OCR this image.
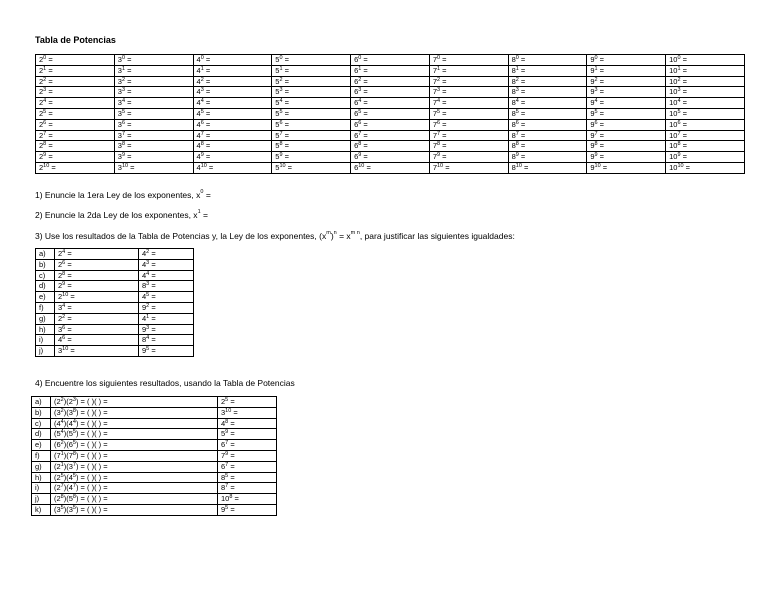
Tabla de Potencias
$2^0$ =	$3^0$ =	$4^0$ =	$5^0$ =	$6^0$ =	$7^0$ =	$8^0$ =	$9^0$ =	$10^0$ =
$2^1$ =	$3^1$ =	$4^1$ =	$5^1$ =	$6^1$ =	$7^1$ =	$8^1$ =	$9^1$ =	$10^1$ =
$2^2$ =	$3^2$ =	$4^2$ =	$5^2$ =	$6^2$ =	$7^2$ =	$8^2$ =	$9^2$ =	$10^2$ =
$2^3$ =	$3^3$ =	$4^3$ =	$5^3$ =	$6^3$ =	$7^3$ =	$8^3$ =	$9^3$ =	$10^3$ =
$2^4$ =	$3^4$ =	$4^4$ =	$5^4$ =	$6^4$ =	$7^4$ =	$8^4$ =	$9^4$ =	$10^4$ =
$2^5$ =	$3^5$ =	$4^5$ =	$5^5$ =	$6^5$ =	$7^5$ =	$8^5$ =	$9^5$ =	$10^5$ =
$2^6$ =	$3^6$ =	$4^6$ =	$5^6$ =	$6^6$ =	$7^6$ =	$8^6$ =	$9^6$ =	$10^6$ =
$2^7$ =	$3^7$ =	$4^7$ =	$5^7$ =	$6^7$ =	$7^7$ =	$8^7$ =	$9^7$ =	$10^7$ =
$2^8$ =	$3^8$ =	$4^8$ =	$5^8$ =	$6^8$ =	$7^8$ =	$8^8$ =	$9^8$ =	$10^8$ =
$2^9$ =	$3^9$ =	$4^9$ =	$5^9$ =	$6^9$ =	$7^9$ =	$8^9$ =	$9^9$ =	$10^9$ =
$2^{10}$ =	$3^{10}$ =	$4^{10}$ =	$5^{10}$ =	$6^{10}$ =	$7^{10}$ =	$8^{10}$ =	$9^{10}$ =	$10^{10}$ =
1) Enuncie la 1era Ley de los exponentes, $x^0$ =
2) Enuncie la 2da Ley de los exponentes, $x^1$ =
3) Use los resultados de la Tabla de Potencias y, la Ley de los exponentes, $(x^m)^n = x^{m n}$, para justificar las siguientes igualdades:
a)	$2^4$ =	$4^2$ =
b)	$2^6$ =	$4^3$ =
c)	$2^8$ =	$4^4$ =
d)	$2^9$ =	$8^3$ =
e)	$2^{10}$ =	$4^5$ =
f)	$3^4$ =	$9^2$ =
g)	$2^2$ =	$4^1$ =
h)	$3^6$ =	$9^3$ =
i)	$4^6$ =	$8^4$ =
j)	$3^{10}$ =	$9^5$ =
4) Encuentre los siguientes resultados, usando la Tabla de Potencias
a)	$(2^2)(2^3)$ = ( )( ) =	$2^5$ =
b)	$(3^2)(3^8)$ = ( )( ) =	$3^{10}$ =
c)	$(4^4)(4^4)$ = ( )( ) =	$4^8$ =
d)	$(5^4)(5^5)$ = ( )( ) =	$5^9$ =
e)	$(6^2)(6^5)$ = ( )( ) =	$6^7$ =
f)	$(7^1)(7^8)$ = ( )( ) =	$7^9$ =
g)	$(2^1)(3^7)$ = ( )( ) =	$6^7$ =
h)	$(2^5)(4^5)$ = ( )( ) =	$8^5$ =
i)	$(2^7)(4^7)$ = ( )( ) =	$8^7$ =
j)	$(2^8)(5^8)$ = ( )( ) =	$10^8$ =
k)	$(3^5)(3^5)$ = ( )( ) =	$9^5$ =
